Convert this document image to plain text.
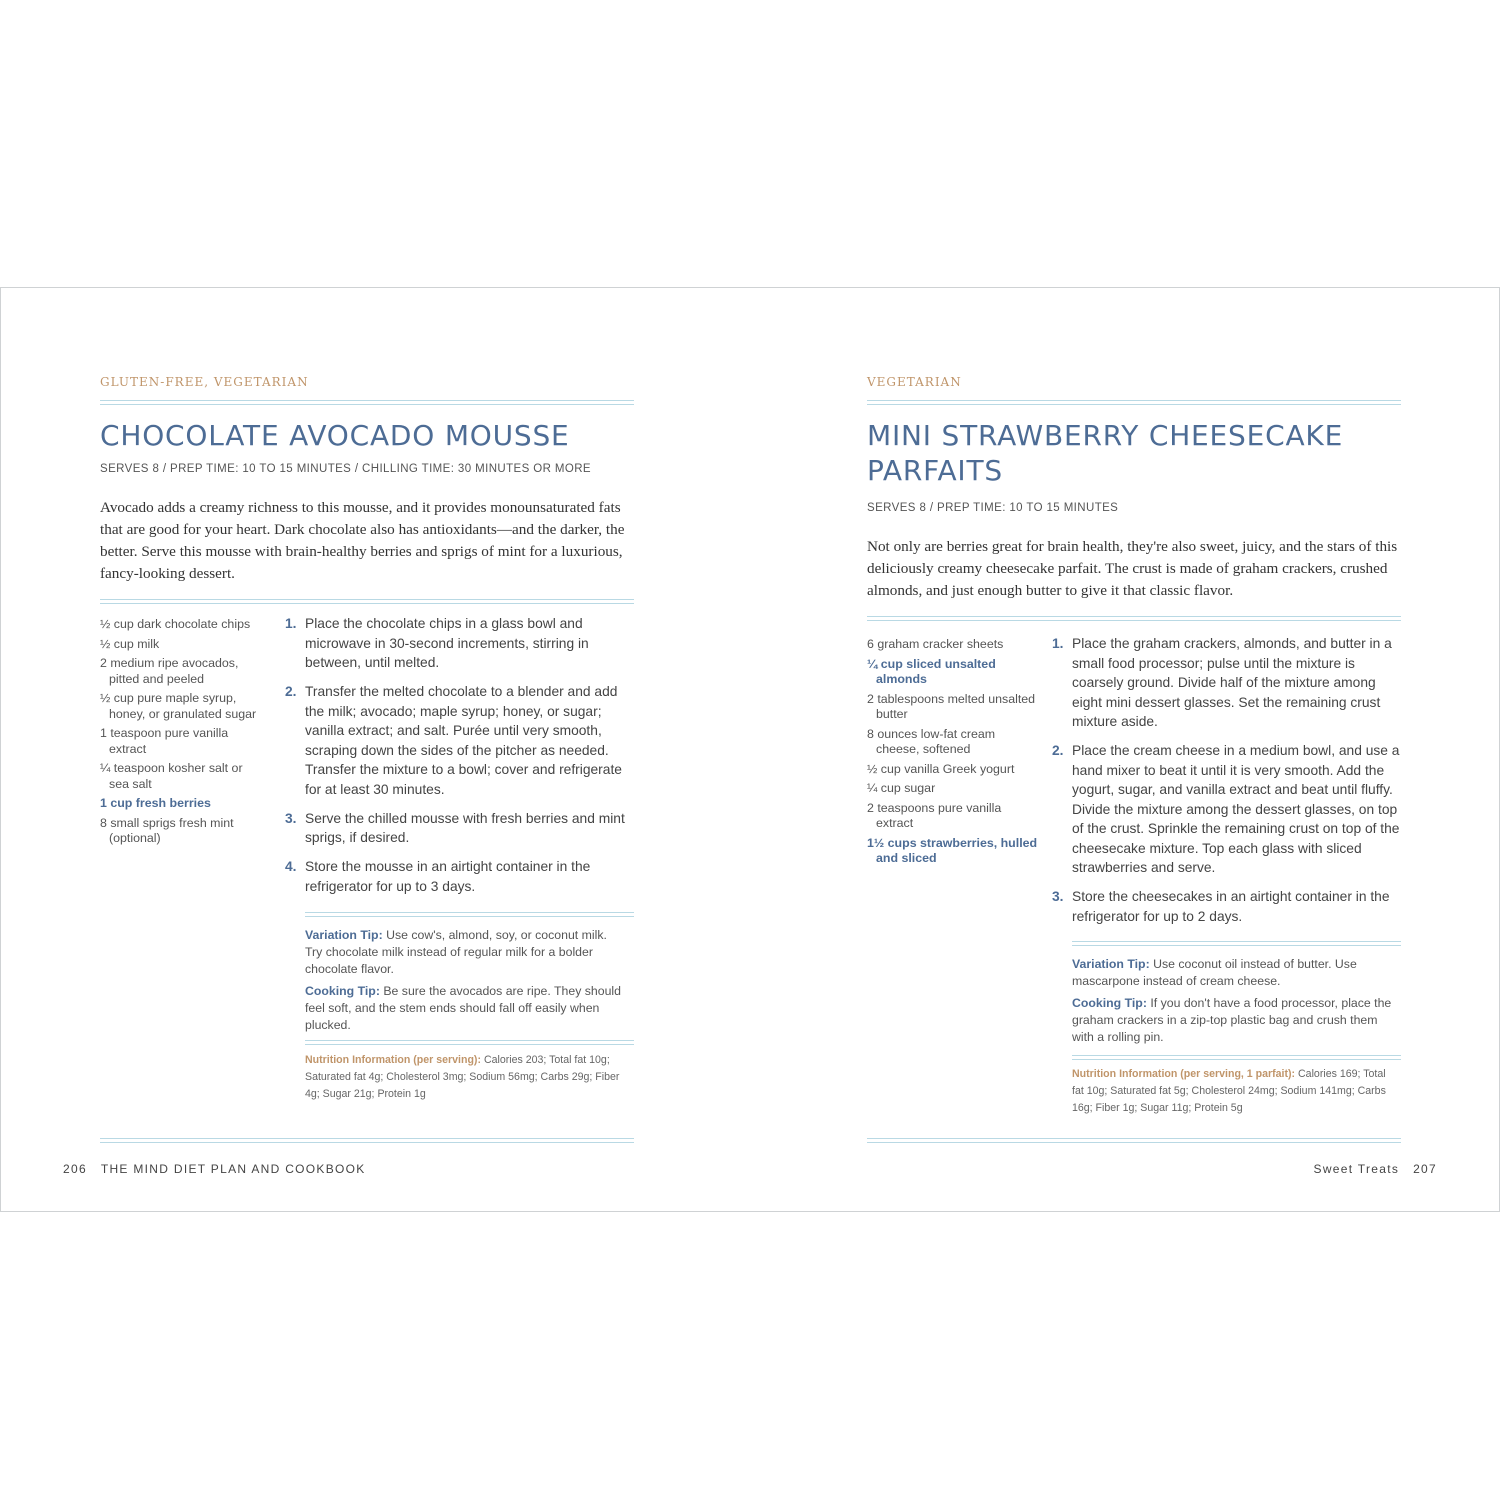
GLUTEN-FREE, VEGETARIAN
CHOCOLATE AVOCADO MOUSSE
SERVES 8 / PREP TIME: 10 TO 15 MINUTES / CHILLING TIME: 30 MINUTES OR MORE

Avocado adds a creamy richness to this mousse, and it provides monounsaturated fats that are good for your heart. Dark chocolate also has antioxidants—and the darker, the better. Serve this mousse with brain-healthy berries and sprigs of mint for a luxurious, fancy-looking dessert.

½ cup dark chocolate chips
½ cup milk
2 medium ripe avocados, pitted and peeled
½ cup pure maple syrup, honey, or granulated sugar
1 teaspoon pure vanilla extract
¼ teaspoon kosher salt or sea salt
1 cup fresh berries
8 small sprigs fresh mint (optional)
1. Place the chocolate chips in a glass bowl and microwave in 30-second increments, stirring in between, until melted.
2. Transfer the melted chocolate to a blender and add the milk; avocado; maple syrup; honey, or sugar; vanilla extract; and salt. Purée until very smooth, scraping down the sides of the pitcher as needed. Transfer the mixture to a bowl; cover and refrigerate for at least 30 minutes.
3. Serve the chilled mousse with fresh berries and mint sprigs, if desired.
4. Store the mousse in an airtight container in the refrigerator for up to 3 days.

Variation Tip: Use cow's, almond, soy, or coconut milk. Try chocolate milk instead of regular milk for a bolder chocolate flavor.

Cooking Tip: Be sure the avocados are ripe. They should feel soft, and the stem ends should fall off easily when plucked.

Nutrition Information (per serving): Calories 203; Total fat 10g; Saturated fat 4g; Cholesterol 3mg; Sodium 56mg; Carbs 29g; Fiber 4g; Sugar 21g; Protein 1g

206 THE MIND DIET PLAN AND COOKBOOK
VEGETARIAN
MINI STRAWBERRY CHEESECAKE
PARFAITS
SERVES 8 / PREP TIME: 10 TO 15 MINUTES

Not only are berries great for brain health, they're also sweet, juicy, and the stars of this deliciously creamy cheesecake parfait. The crust is made of graham crackers, crushed almonds, and just enough butter to give it that classic flavor.

6 graham cracker sheets
¼ cup sliced unsalted almonds
2 tablespoons melted unsalted butter
8 ounces low-fat cream cheese, softened
½ cup vanilla Greek yogurt
¼ cup sugar
2 teaspoons pure vanilla extract
1½ cups strawberries, hulled and sliced
1. Place the graham crackers, almonds, and butter in a small food processor; pulse until the mixture is coarsely ground. Divide half of the mixture among eight mini dessert glasses. Set the remaining crust mixture aside.
2. Place the cream cheese in a medium bowl, and use a hand mixer to beat it until it is very smooth. Add the yogurt, sugar, and vanilla extract and beat until fluffy. Divide the mixture among the dessert glasses, on top of the crust. Sprinkle the remaining crust on top of the cheesecake mixture. Top each glass with sliced strawberries and serve.
3. Store the cheesecakes in an airtight container in the refrigerator for up to 2 days.

Variation Tip: Use coconut oil instead of butter. Use mascarpone instead of cream cheese.

Cooking Tip: If you don't have a food processor, place the graham crackers in a zip-top plastic bag and crush them with a rolling pin.

Nutrition Information (per serving, 1 parfait): Calories 169; Total fat 10g; Saturated fat 5g; Cholesterol 24mg; Sodium 141mg; Carbs 16g; Fiber 1g; Sugar 11g; Protein 5g

Sweet Treats 207
